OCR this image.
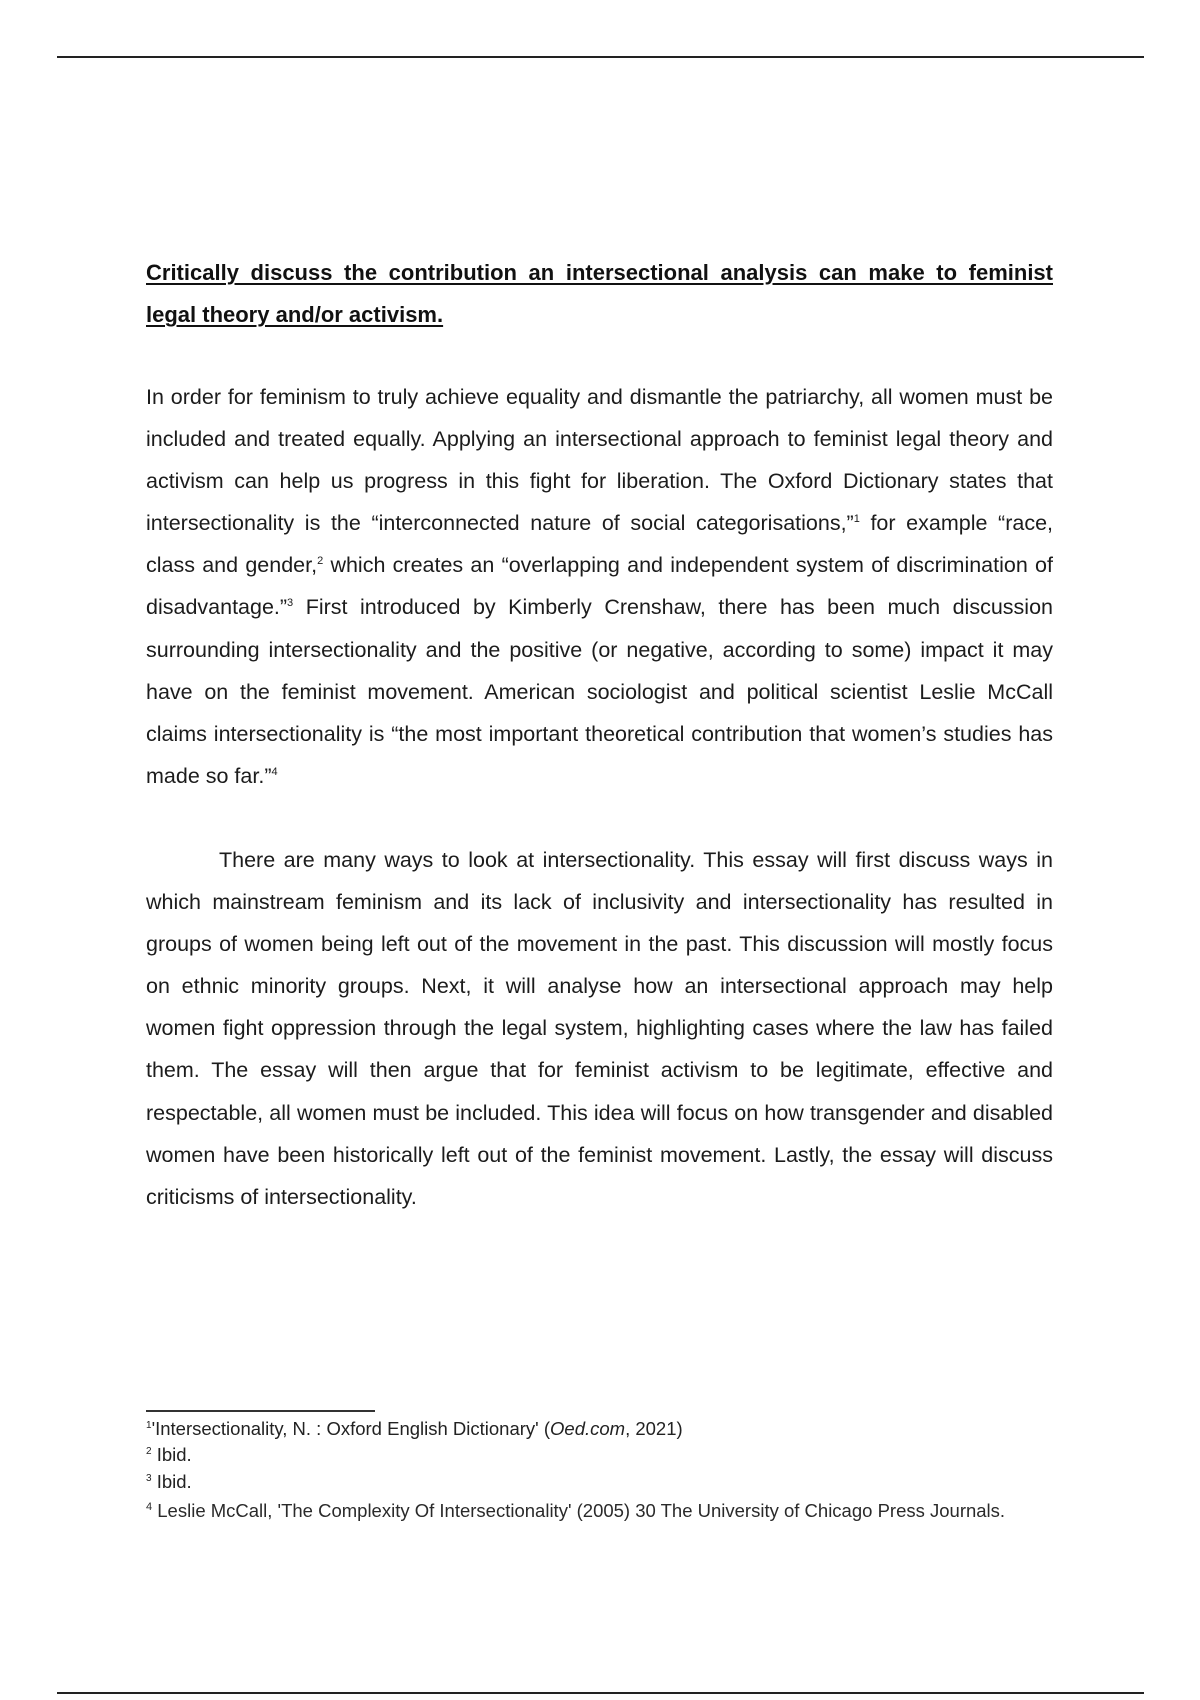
Critically discuss the contribution an intersectional analysis can make to feminist legal theory and/or activism.

In order for feminism to truly achieve equality and dismantle the patriarchy, all women must be included and treated equally. Applying an intersectional approach to feminist legal theory and activism can help us progress in this fight for liberation. The Oxford Dictionary states that intersectionality is the “interconnected nature of social categorisations,”$^1$ for example “race, class and gender,$^2$ which creates an “overlapping and independent system of discrimination of disadvantage.”$^3$ First introduced by Kimberly Crenshaw, there has been much discussion surrounding intersectionality and the positive (or negative, according to some) impact it may have on the feminist movement. American sociologist and political scientist Leslie McCall claims intersectionality is “the most important theoretical contribution that women’s studies has made so far.”$^4$

There are many ways to look at intersectionality. This essay will first discuss ways in which mainstream feminism and its lack of inclusivity and intersectionality has resulted in groups of women being left out of the movement in the past. This discussion will mostly focus on ethnic minority groups. Next, it will analyse how an intersectional approach may help women fight oppression through the legal system, highlighting cases where the law has failed them. The essay will then argue that for feminist activism to be legitimate, effective and respectable, all women must be included. This idea will focus on how transgender and disabled women have been historically left out of the feminist movement. Lastly, the essay will discuss criticisms of intersectionality.

$^1$'Intersectionality, N. : Oxford English Dictionary' (Oed.com, 2021)
$^2$ Ibid.
$^3$ Ibid.
$^4$ Leslie McCall, 'The Complexity Of Intersectionality' (2005) 30 The University of Chicago Press Journals.
